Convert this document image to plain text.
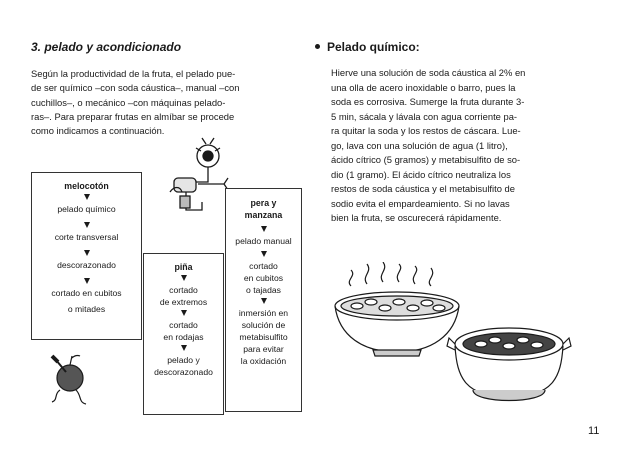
3. pelado y acondicionado
Según la productividad de la fruta, el pelado pue-
de ser químico –con soda cáustica–, manual –con
cuchillos–, o mecánico –con máquinas pelado-
ras–. Para preparar frutas en almíbar se procede
como indicamos a continuación.
melocotón
pelado químico
corte transversal
descorazonado
cortado en cubitos
o mitades
piña
cortado
de extremos
cortado
en rodajas
pelado y
descorazonado
pera y
manzana
pelado manual
cortado
en cubitos
o tajadas
inmersión en
solución de
metabisulfito
para evitar
la oxidación
Pelado químico:
Hierve una solución de soda cáustica al 2% en
una olla de acero inoxidable o barro, pues la
soda es corrosiva. Sumerge la fruta durante 3-
5 min, sácala y lávala con agua corriente pa-
ra quitar la soda y los restos de cáscara. Lue-
go, lava con una solución de agua (1 litro),
ácido cítrico (5 gramos) y metabisulfito de so-
dio (1 gramo). El ácido cítrico neutraliza los
restos de soda cáustica y el metabisulfito de
sodio evita el empardeamiento. Si no lavas
bien la fruta, se oscurecerá rápidamente.
11
